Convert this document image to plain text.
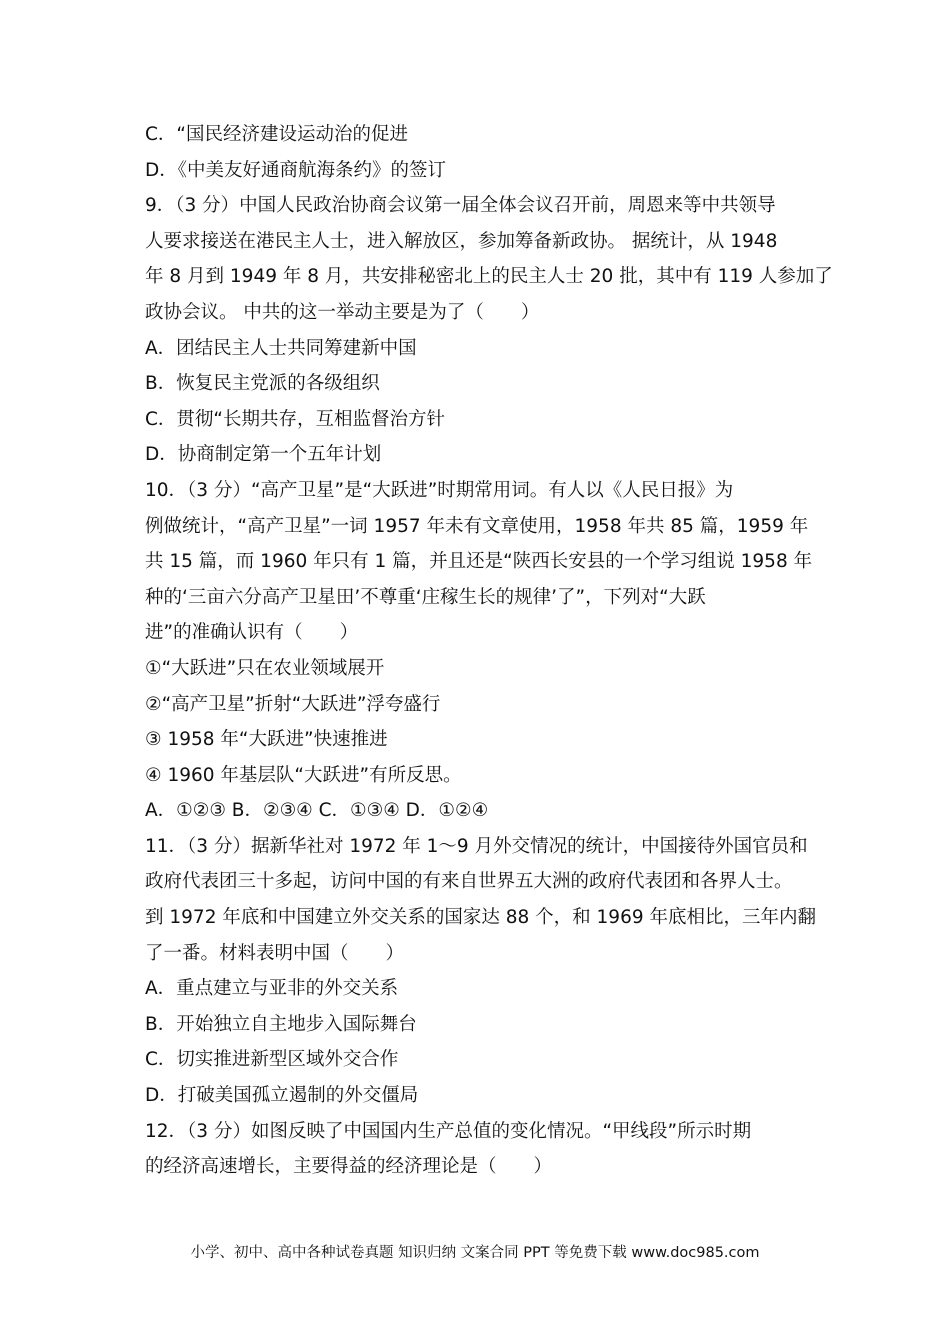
C．“国民经济建设运动治的促进
D．《中美友好通商航海条约》的签订
9．（3 分）中国人民政治协商会议第一届全体会议召开前，周恩来等中共领导
人要求接送在港民主人士，进入解放区，参加筹备新政协。 据统计，从 1948
年 8 月到 1949 年 8 月，共安排秘密北上的民主人士 20 批，其中有 119 人参加了
政协会议。 中共的这一举动主要是为了（　　）
A．团结民主人士共同筹建新中国
B．恢复民主党派的各级组织
C．贯彻“长期共存，互相监督治方针
D．协商制定第一个五年计划
10．（3 分）“高产卫星”是“大跃进”时期常用词。有人以《人民日报》为
例做统计，“高产卫星”一词 1957 年未有文章使用，1958 年共 85 篇，1959 年
共 15 篇，而 1960 年只有 1 篇，并且还是“陕西长安县的一个学习组说 1958 年
种的‘三亩六分高产卫星田’不尊重‘庄稼生长的规律’了”，下列对“大跃
进”的准确认识有（　　）
①“大跃进”只在农业领域展开
②“高产卫星”折射“大跃进”浮夸盛行
③ 1958 年“大跃进”快速推进
④ 1960 年基层队“大跃进”有所反思。
A．①②③ B．②③④ C．①③④ D．①②④
11．（3 分）据新华社对 1972 年 1～9 月外交情况的统计，中国接待外国官员和
政府代表团三十多起，访问中国的有来自世界五大洲的政府代表团和各界人士。
到 1972 年底和中国建立外交关系的国家达 88 个，和 1969 年底相比，三年内翻
了一番。材料表明中国（　　）
A．重点建立与亚非的外交关系
B．开始独立自主地步入国际舞台
C．切实推进新型区域外交合作
D．打破美国孤立遏制的外交僵局
12．（3 分）如图反映了中国国内生产总值的变化情况。“甲线段”所示时期
的经济高速增长，主要得益的经济理论是（　　）
小学、初中、高中各种试卷真题 知识归纳 文案合同 PPT 等免费下载 www.doc985.com
